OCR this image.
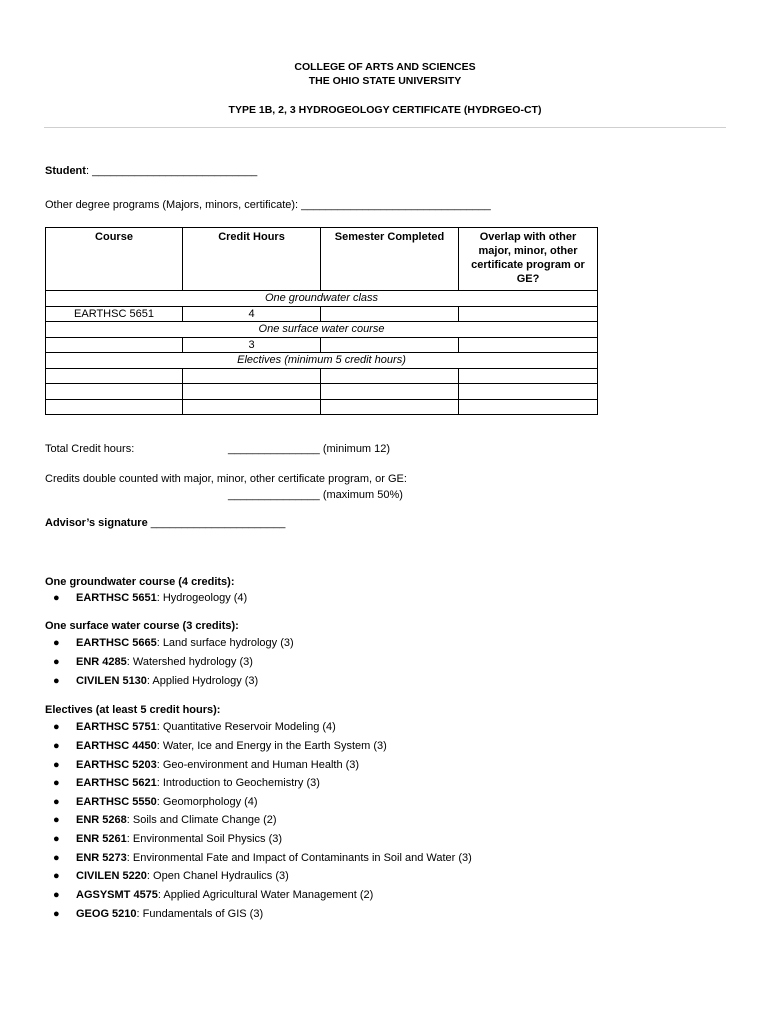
COLLEGE OF ARTS AND SCIENCES
THE OHIO STATE UNIVERSITY
TYPE 1B, 2, 3 HYDROGEOLOGY CERTIFICATE (HYDRGEO-CT)
Student: ___________________________
Other degree programs (Majors, minors, certificate): _______________________________
Course	Credit Hours	Semester Completed	Overlap with other major, minor, other certificate program or GE?

One groundwater class			
EARTHSC 5651	4		
One surface water course			
	3		
Electives (minimum 5 credit hours)			

Total Credit hours:	_______________ (minimum 12)
Credits double counted with major, minor, other certificate program, or GE:
_______________ (maximum 50%)
Advisor’s signature ______________________
One groundwater course (4 credits):
● EARTHSC 5651: Hydrogeology (4)
One surface water course (3 credits):
● EARTHSC 5665: Land surface hydrology (3)
● ENR 4285: Watershed hydrology (3)
● CIVILEN 5130: Applied Hydrology (3)
Electives (at least 5 credit hours):
● EARTHSC 5751: Quantitative Reservoir Modeling (4)
● EARTHSC 4450: Water, Ice and Energy in the Earth System (3)
● EARTHSC 5203: Geo-environment and Human Health (3)
● EARTHSC 5621: Introduction to Geochemistry (3)
● EARTHSC 5550: Geomorphology (4)
● ENR 5268: Soils and Climate Change (2)
● ENR 5261: Environmental Soil Physics (3)
● ENR 5273: Environmental Fate and Impact of Contaminants in Soil and Water (3)
● CIVILEN 5220: Open Chanel Hydraulics (3)
● AGSYSMT 4575: Applied Agricultural Water Management (2)
● GEOG 5210: Fundamentals of GIS (3)
